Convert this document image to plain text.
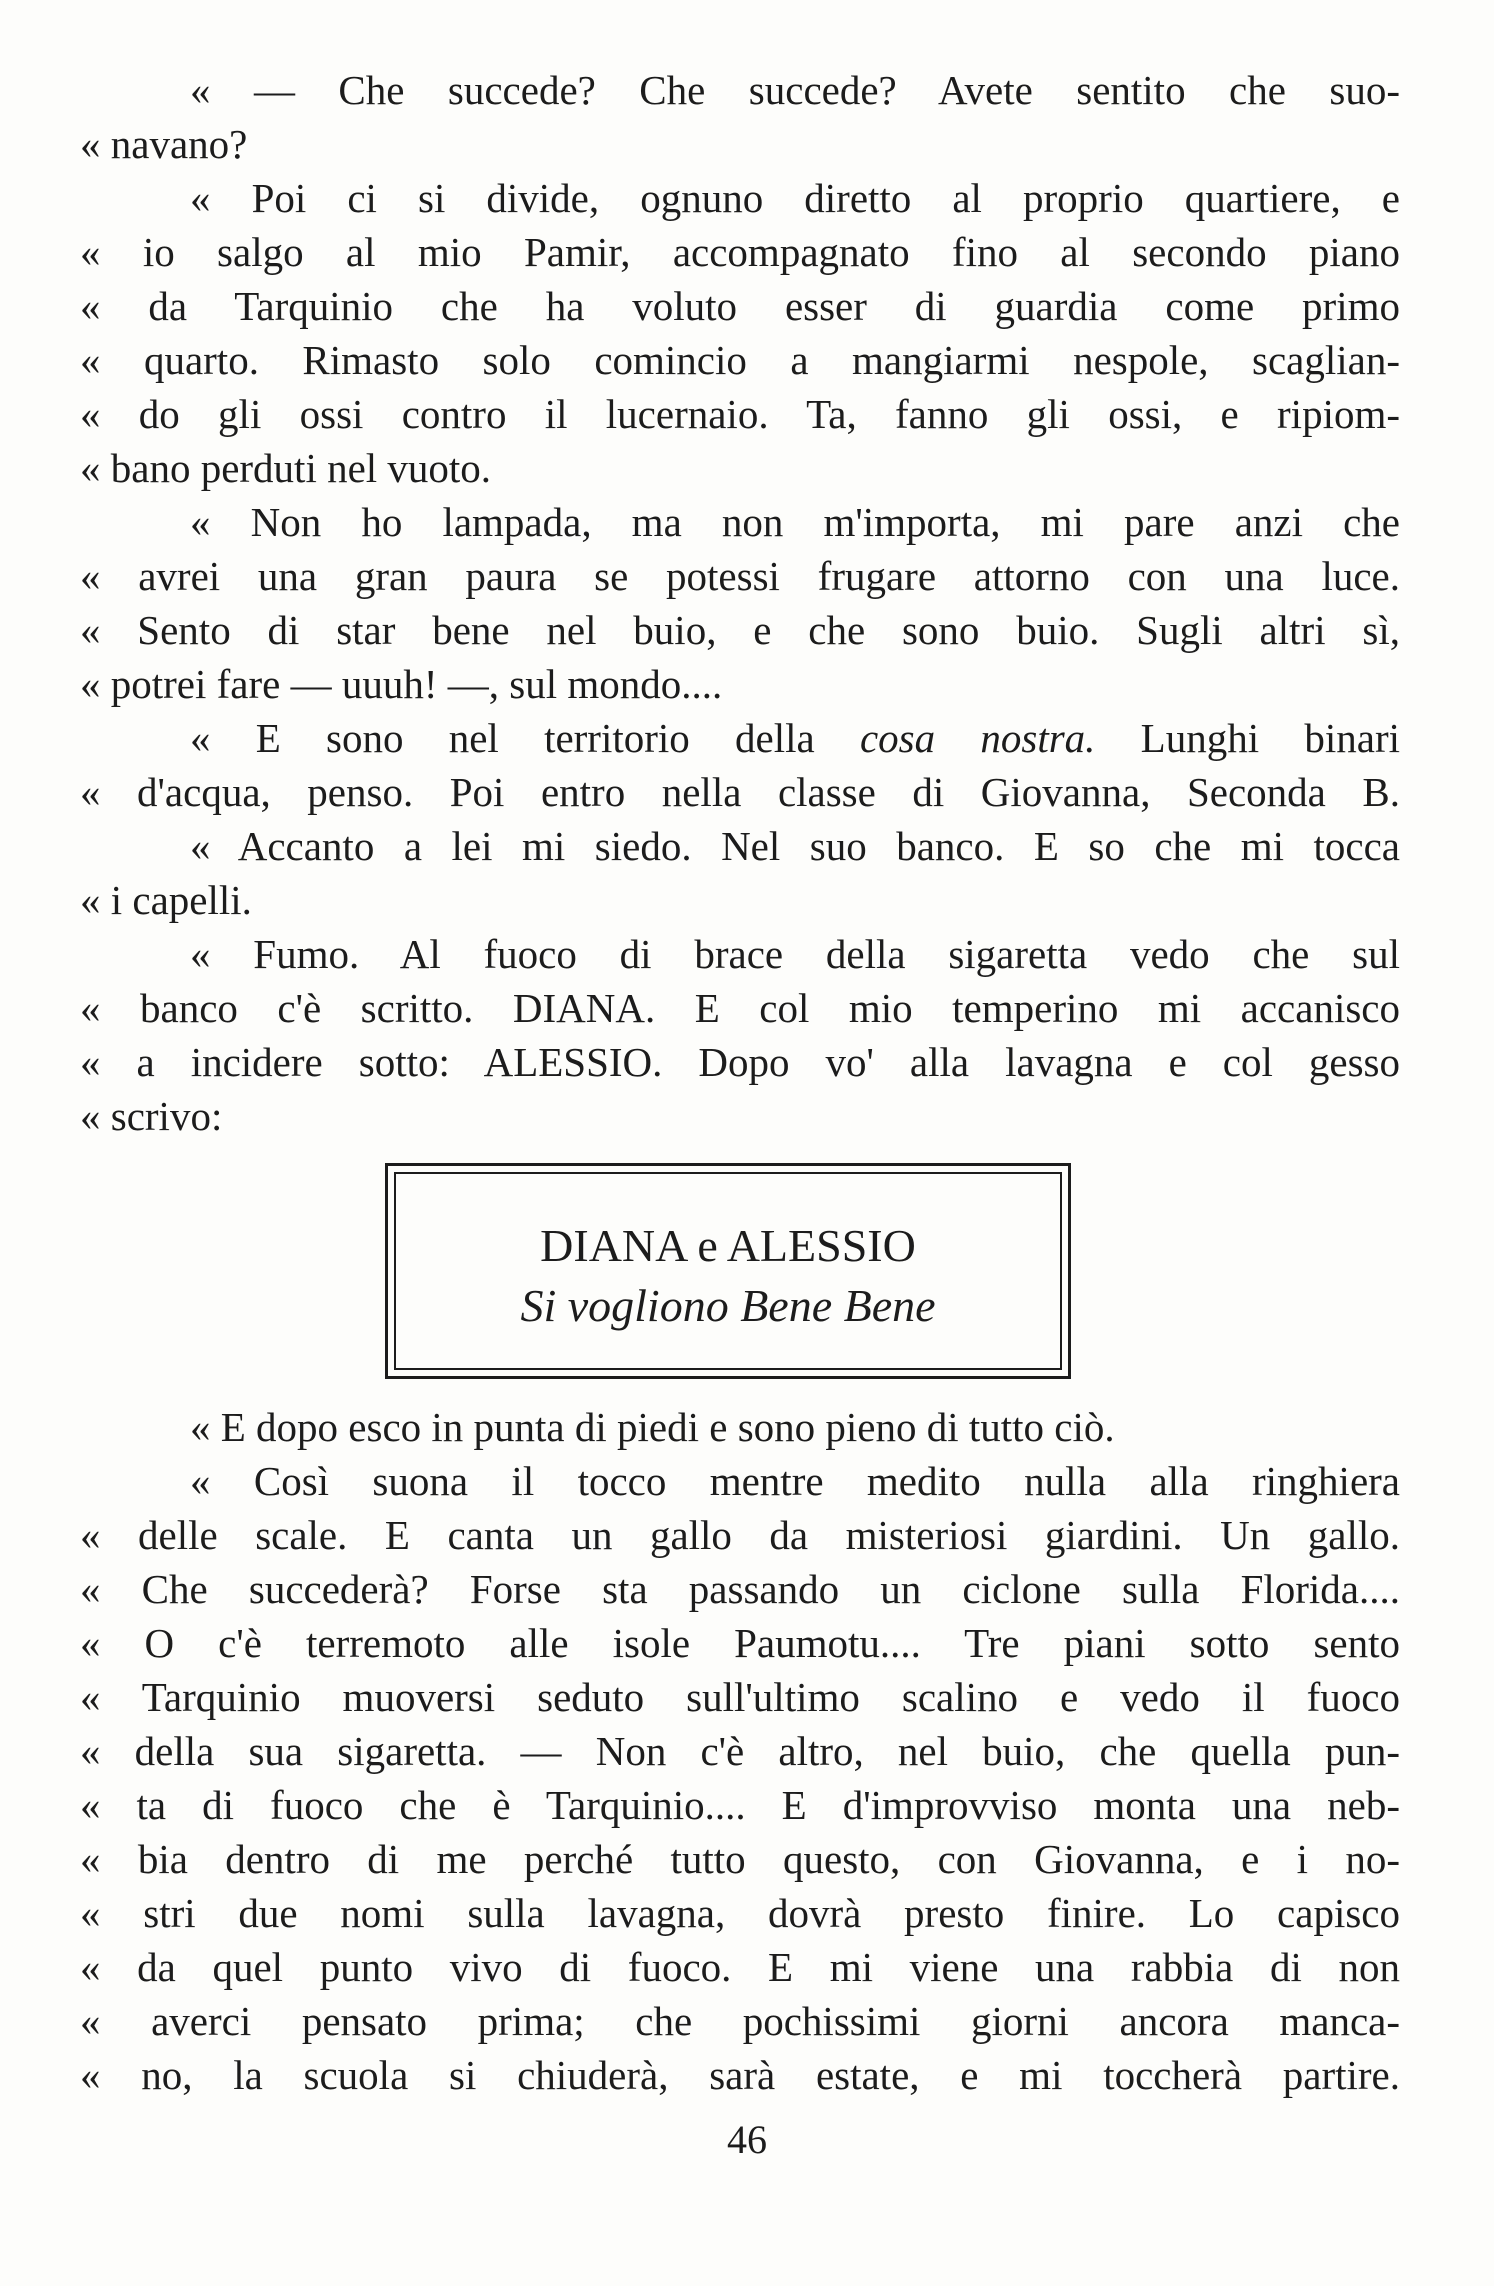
« — Che succede? Che succede? Avete sentito che suo-
« navano?
« Poi ci si divide, ognuno diretto al proprio quartiere, e
« io salgo al mio Pamir, accompagnato fino al secondo piano
« da Tarquinio che ha voluto esser di guardia come primo
« quarto. Rimasto solo comincio a mangiarmi nespole, scaglian-
« do gli ossi contro il lucernaio. Ta, fanno gli ossi, e ripiom-
« bano perduti nel vuoto.
« Non ho lampada, ma non m'importa, mi pare anzi che
« avrei una gran paura se potessi frugare attorno con una luce.
« Sento di star bene nel buio, e che sono buio. Sugli altri sì,
« potrei fare — uuuh! —, sul mondo....
« E sono nel territorio della cosa nostra. Lunghi binari
« d'acqua, penso. Poi entro nella classe di Giovanna, Seconda B.
« Accanto a lei mi siedo. Nel suo banco. E so che mi tocca
« i capelli.
« Fumo. Al fuoco di brace della sigaretta vedo che sul
« banco c'è scritto. DIANA. E col mio temperino mi accanisco
« a incidere sotto: ALESSIO. Dopo vo' alla lavagna e col gesso
« scrivo:
DIANA e ALESSIO
Si vogliono Bene Bene
« E dopo esco in punta di piedi e sono pieno di tutto ciò.
« Così suona il tocco mentre medito nulla alla ringhiera
« delle scale. E canta un gallo da misteriosi giardini. Un gallo.
« Che succederà? Forse sta passando un ciclone sulla Florida....
« O c'è terremoto alle isole Paumotu.... Tre piani sotto sento
« Tarquinio muoversi seduto sull'ultimo scalino e vedo il fuoco
« della sua sigaretta. — Non c'è altro, nel buio, che quella pun-
« ta di fuoco che è Tarquinio.... E d'improvviso monta una neb-
« bia dentro di me perché tutto questo, con Giovanna, e i no-
« stri due nomi sulla lavagna, dovrà presto finire. Lo capisco
« da quel punto vivo di fuoco. E mi viene una rabbia di non
« averci pensato prima; che pochissimi giorni ancora manca-
« no, la scuola si chiuderà, sarà estate, e mi toccherà partire.
46
